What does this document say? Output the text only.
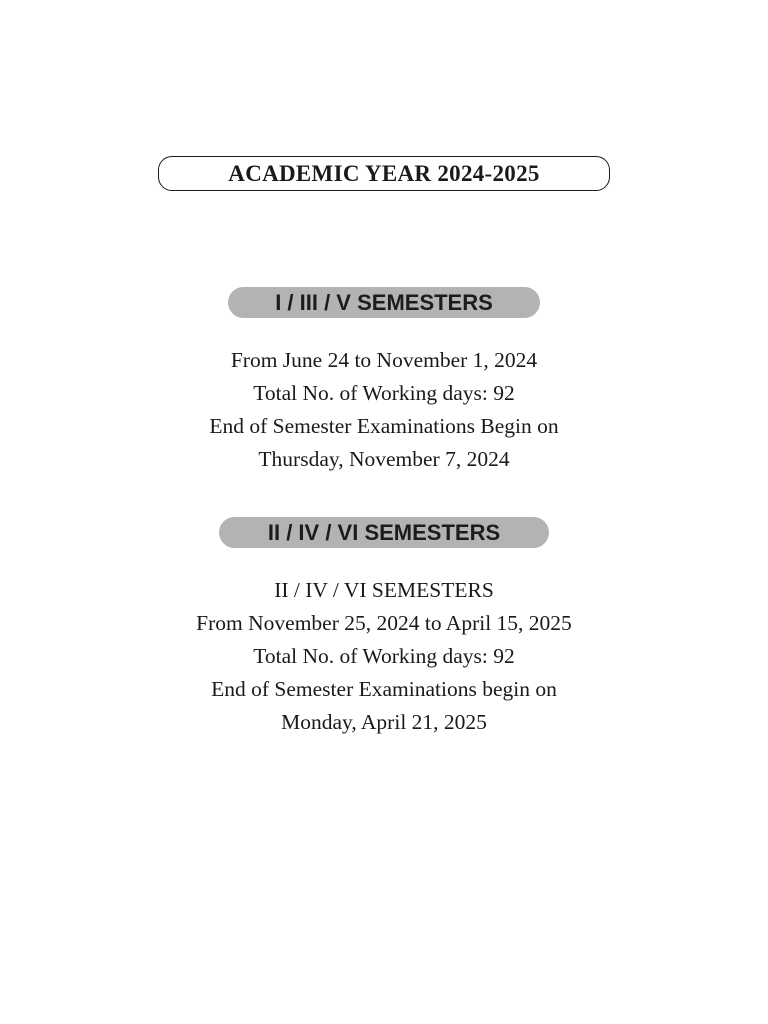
ACADEMIC YEAR 2024-2025
I / III / V SEMESTERS
From June 24 to November 1, 2024
Total No. of Working days: 92
End of Semester Examinations Begin on
Thursday, November 7, 2024
II / IV / VI SEMESTERS
II / IV / VI SEMESTERS
From November 25, 2024 to April 15, 2025
Total No. of Working days: 92
End of Semester Examinations begin on
Monday, April 21, 2025
